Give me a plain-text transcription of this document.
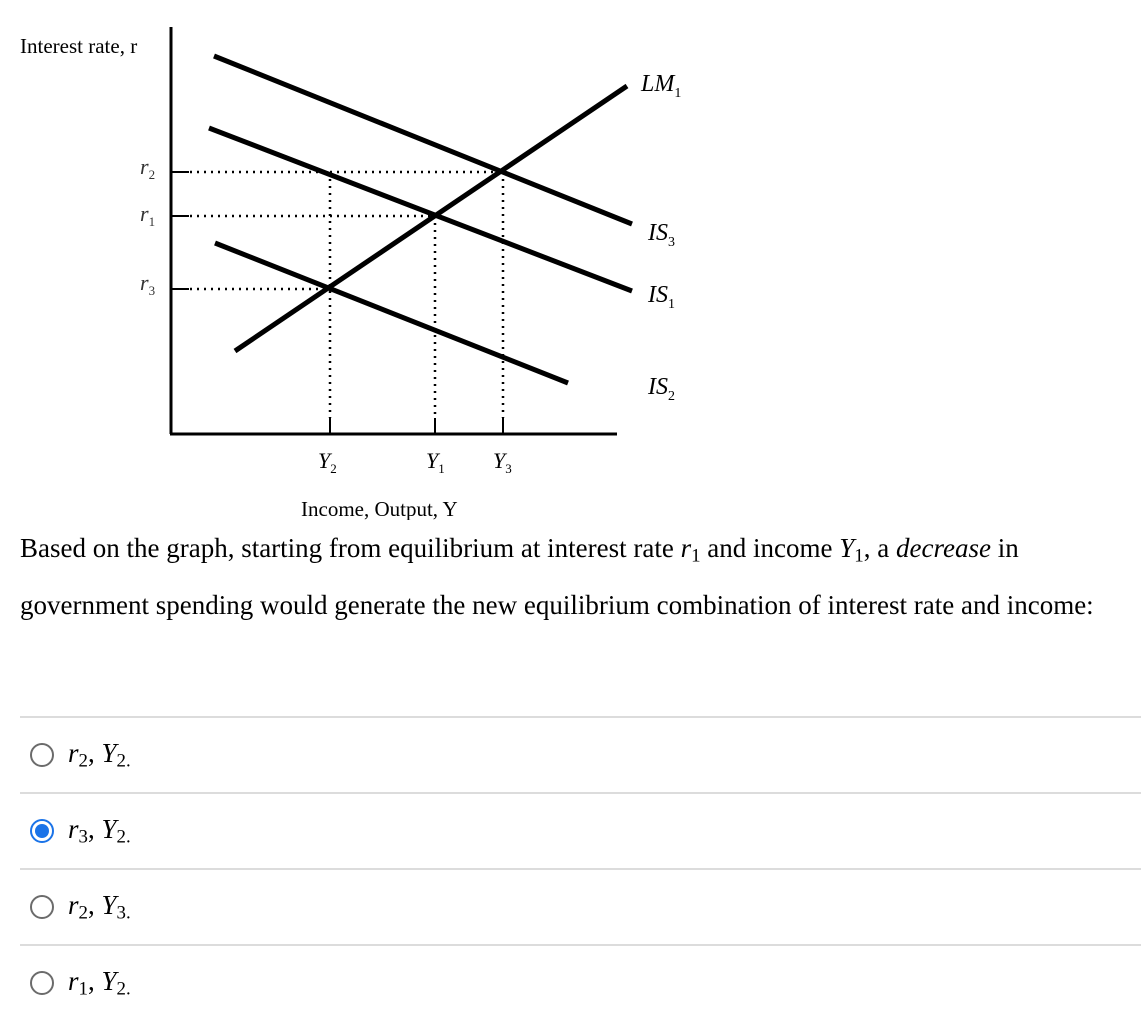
Interest rate, r
$LM_1$
$IS_3$
$IS_1$
$IS_2$
$r_2$
$r_1$
$r_3$
$Y_2$	$Y_1$ $Y_3$
Income, Output, Y
Based on the graph, starting from equilibrium at interest rate $r_1$ and income $Y_1$, a decrease in government spending would generate the new equilibrium combination of interest rate and income:
$r_2$, $Y_{2.}$
$r_3$, $Y_{2.}$
$r_2$, $Y_{3.}$
$r_1$, $Y_{2.}$
